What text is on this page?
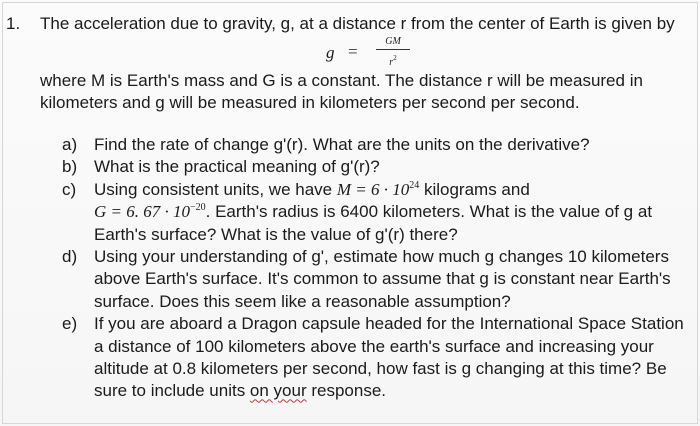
1. The acceleration due to gravity, g, at a distance r from the center of Earth is given by
g =
GM
$r^2$
where M is Earth's mass and G is a constant. The distance r will be measured in kilometers and g will be measured in kilometers per second per second.
a) Find the rate of change g'(r). What are the units on the derivative?
b) What is the practical meaning of g'(r)?
c) Using consistent units, we have $M = 6 \cdot 10^{24}$ kilograms and
G = 6. $67 \cdot 10^{-20}$. Earth's radius is 6400 kilometers. What is the value of g at Earth's surface? What is the value of g'(r) there?
d) Using your understanding of g', estimate how much g changes 10 kilometers above Earth's surface. It's common to assume that g is constant near Earth's surface. Does this seem like a reasonable assumption?
e) If you are aboard a Dragon capsule headed for the International Space Station a distance of 100 kilometers above the earth's surface and increasing your altitude at 0.8 kilometers per second, how fast is g changing at this time? Be sure to include units on your response.
